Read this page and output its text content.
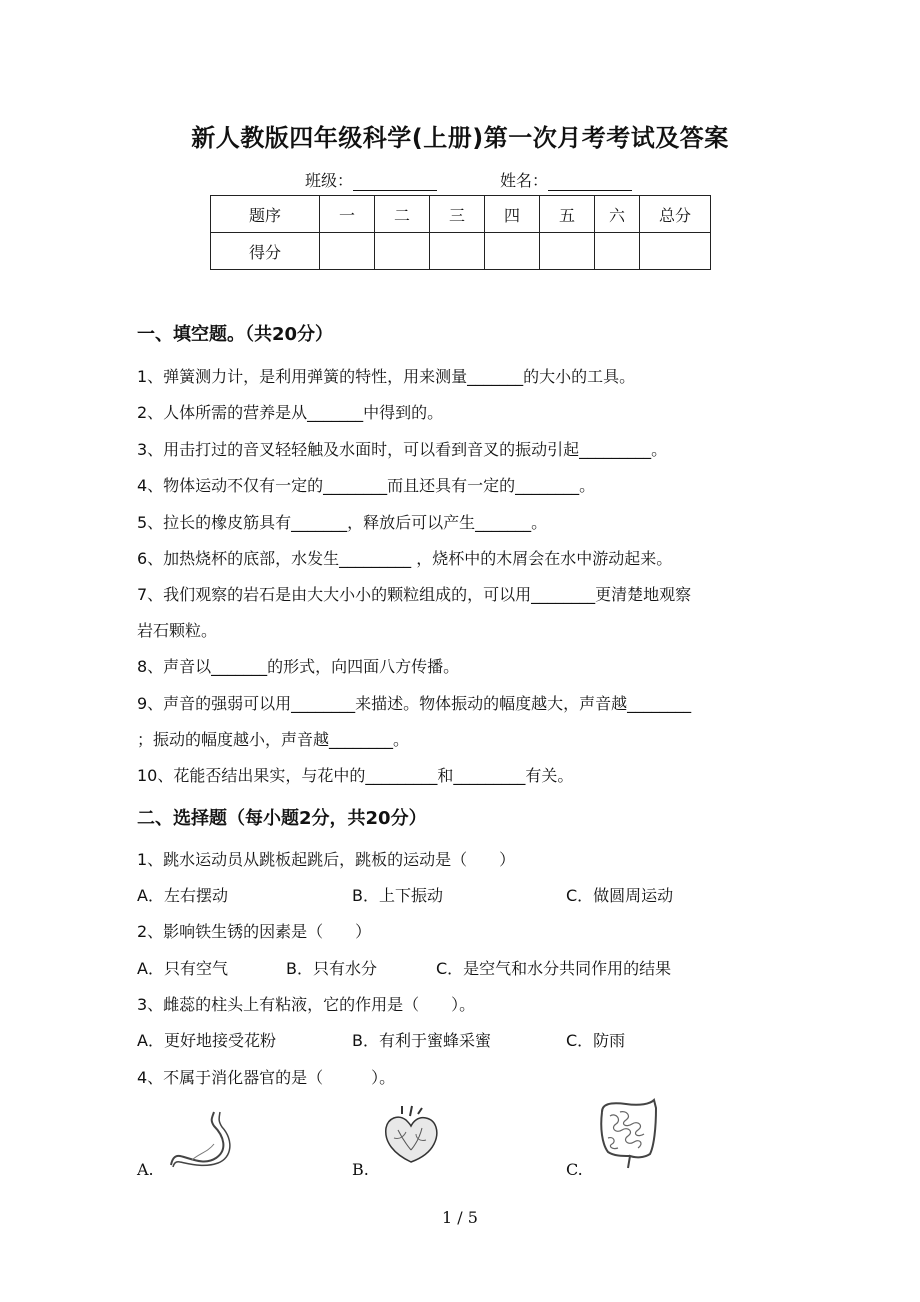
新人教版四年级科学(上册)第一次月考考试及答案
班级：	姓名：
题序	一	二	三	四	五	六	总分
得分							
一、填空题。（共20分）
1、弹簧测力计，是利用弹簧的特性，用来测量_______的大小的工具。
2、人体所需的营养是从_______中得到的。
3、用击打过的音叉轻轻触及水面时，可以看到音叉的振动引起_________。
4、物体运动不仅有一定的________而且还具有一定的________。
5、拉长的橡皮筋具有_______，释放后可以产生_______。
6、加热烧杯的底部，水发生_________ ，烧杯中的木屑会在水中游动起来。
7、我们观察的岩石是由大大小小的颗粒组成的，可以用________更清楚地观察
岩石颗粒。
8、声音以_______的形式，向四面八方传播。
9、声音的强弱可以用________来描述。物体振动的幅度越大，声音越________
；振动的幅度越小，声音越________。
10、花能否结出果实，与花中的_________和_________有关。
二、选择题（每小题2分，共20分）
1、跳水运动员从跳板起跳后，跳板的运动是（　　）
A．左右摆动	B．上下振动	C．做圆周运动
2、影响铁生锈的因素是（　　）
A．只有空气	B．只有水分	C．是空气和水分共同作用的结果
3、雌蕊的柱头上有粘液，它的作用是（　　）。
A．更好地接受花粉	B．有利于蜜蜂采蜜	C．防雨
4、不属于消化器官的是（　　　）。
A.	B.	C.
1 / 5
